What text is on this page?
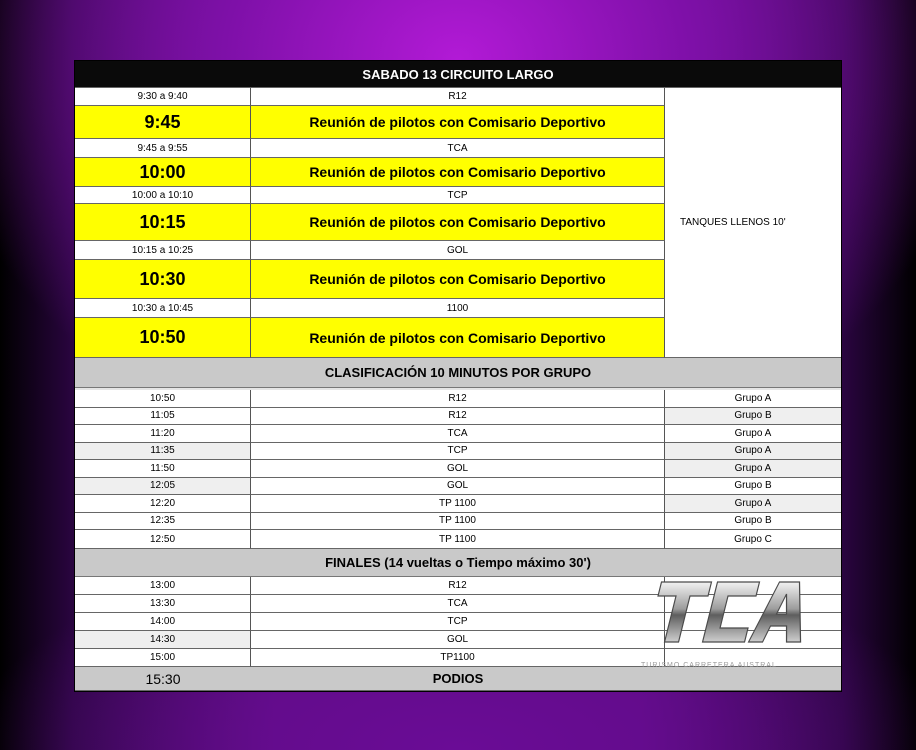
SABADO 13 CIRCUITO LARGO
9:30 a 9:40	R12
9:45	Reunión de pilotos con Comisario Deportivo
9:45 a 9:55	TCA
10:00	Reunión de pilotos con Comisario Deportivo
10:00 a 10:10	TCP
10:15	Reunión de pilotos con Comisario Deportivo
10:15 a 10:25	GOL
10:30	Reunión de pilotos con Comisario Deportivo
10:30 a 10:45	1100
10:50	Reunión de pilotos con Comisario Deportivo
TANQUES LLENOS 10'
CLASIFICACIÓN 10 MINUTOS POR GRUPO
10:50	R12	Grupo A
11:05	R12	Grupo B
11:20	TCA	Grupo A
11:35	TCP	Grupo A
11:50	GOL	Grupo A
12:05	GOL	Grupo B
12:20	TP 1100	Grupo A
12:35	TP 1100	Grupo B
12:50	TP 1100	Grupo C
FINALES (14 vueltas o Tiempo máximo 30')
13:00	R12
13:30	TCA
14:00	TCP
14:30	GOL
15:00	TP1100
15:30	PODIOS
TURISMO CARRETERA AUSTRAL
